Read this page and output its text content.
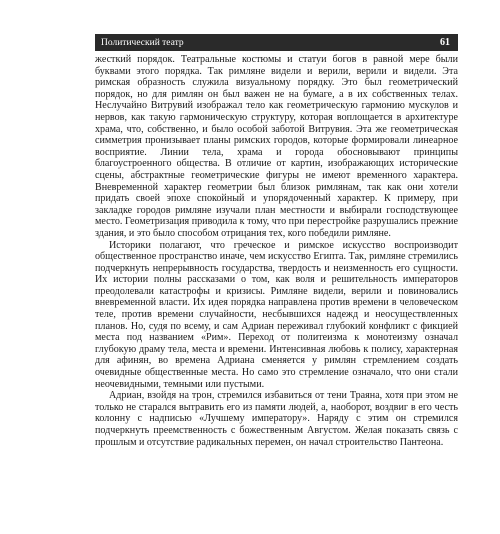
Политический театр	61

жесткий порядок. Театральные костюмы и статуи богов в равной мере были буквами этого порядка. Так римляне видели и верили, верили и видели. Эта римская образность служила визуальному порядку. Это был геометрический порядок, но для римлян он был важен не на бумаге, а в их собственных телах. Неслучайно Витрувий изображал тело как геометрическую гармонию мускулов и нервов, как такую гармоническую структуру, которая воплощается в архитектуре храма, что, собственно, и было особой заботой Витрувия. Эта же геометрическая симметрия пронизывает планы римских городов, которые формировали линеарное восприятие. Линии тела, храма и города обосновывают принципы благоустроенного общества. В отличие от картин, изображающих исторические сцены, абстрактные геометрические фигуры не имеют временного характера. Вневременной характер геометрии был близок римлянам, так как они хотели придать своей эпохе спокойный и упорядоченный характер. К примеру, при закладке городов римляне изучали план местности и выбирали господствующее место. Геометризация приводила к тому, что при перестройке разрушались прежние здания, и это было способом отрицания тех, кого победили римляне.

Историки полагают, что греческое и римское искусство воспроизводит общественное пространство иначе, чем искусство Египта. Так, римляне стремились подчеркнуть непрерывность государства, твердость и неизменность его сущности. Их истории полны рассказами о том, как воля и решительность императоров преодолевали катастрофы и кризисы. Римляне видели, верили и повиновались вневременной власти. Их идея порядка направлена против времени в человеческом теле, против времени случайности, несбывшихся надежд и неосуществленных планов. Но, судя по всему, и сам Адриан переживал глубокий конфликт с фикцией места под названием «Рим». Переход от политеизма к монотеизму означал глубокую драму тела, места и времени. Интенсивная любовь к полису, характерная для афинян, во времена Адриана сменяется у римлян стремлением создать очевидные общественные места. Но само это стремление означало, что они стали неочевидными, темными или пустыми.

Адриан, взойдя на трон, стремился избавиться от тени Траяна, хотя при этом не только не старался вытравить его из памяти людей, а, наоборот, воздвиг в его честь колонну с надписью «Лучшему императору». Наряду с этим он стремился подчеркнуть преемственность с божественным Августом. Желая показать связь с прошлым и отсутствие радикальных перемен, он начал строительство Пантеона.
